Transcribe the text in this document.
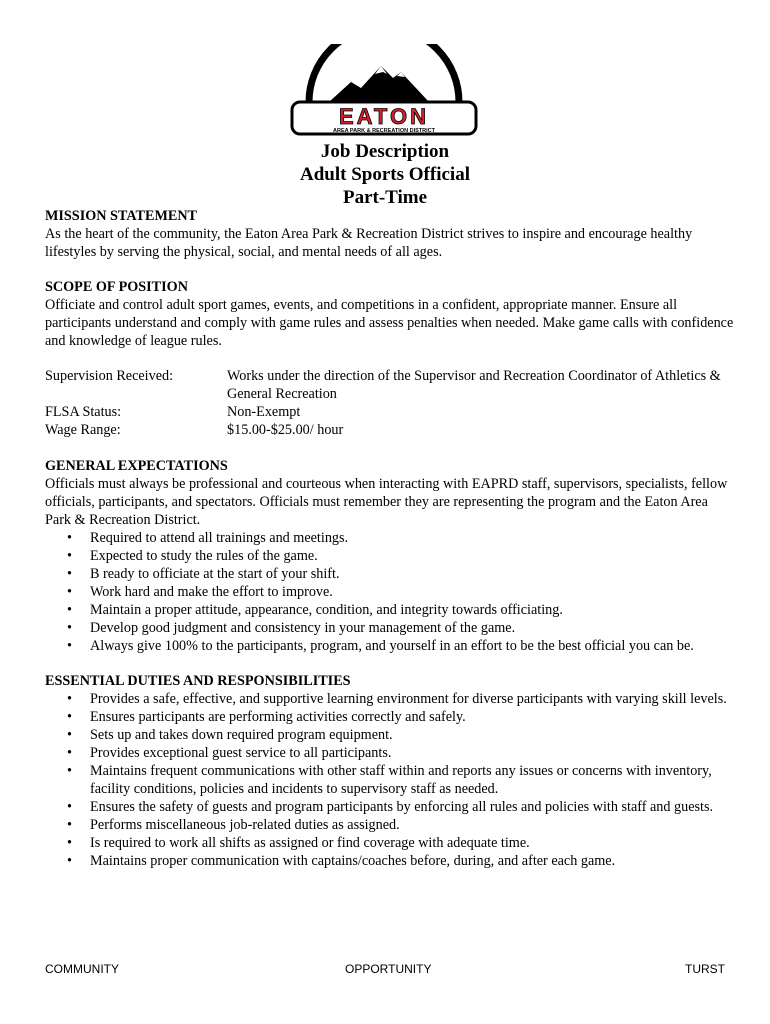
EATON
AREA PARK & RECREATION DISTRICT
Job Description
Adult Sports Official
Part-Time
MISSION STATEMENT

As the heart of the community, the Eaton Area Park & Recreation District strives to inspire and encourage healthy lifestyles by serving the physical, social, and mental needs of all ages.

SCOPE OF POSITION

Officiate and control adult sport games, events, and competitions in a confident, appropriate manner. Ensure all participants understand and comply with game rules and assess penalties when needed. Make game calls with confidence and knowledge of league rules.

Supervision Received:	Works under the direction of the Supervisor and Recreation Coordinator of Athletics & General Recreation
FLSA Status:	Non-Exempt
Wage Range:	$15.00-$25.00/ hour
GENERAL EXPECTATIONS

Officials must always be professional and courteous when interacting with EAPRD staff, supervisors, specialists, fellow officials, participants, and spectators. Officials must remember they are representing the program and the Eaton Area Park & Recreation District.

• Required to attend all trainings and meetings.
• Expected to study the rules of the game.
• B ready to officiate at the start of your shift.
• Work hard and make the effort to improve.
• Maintain a proper attitude, appearance, condition, and integrity towards officiating.
• Develop good judgment and consistency in your management of the game.
• Always give 100% to the participants, program, and yourself in an effort to be the best official you can be.
ESSENTIAL DUTIES AND RESPONSIBILITIES
• Provides a safe, effective, and supportive learning environment for diverse participants with varying skill levels.
• Ensures participants are performing activities correctly and safely.
• Sets up and takes down required program equipment.
• Provides exceptional guest service to all participants.
• Maintains frequent communications with other staff within and reports any issues or concerns with inventory, facility conditions, policies and incidents to supervisory staff as needed.
• Ensures the safety of guests and program participants by enforcing all rules and policies with staff and guests.
• Performs miscellaneous job-related duties as assigned.
• Is required to work all shifts as assigned or find coverage with adequate time.
• Maintains proper communication with captains/coaches before, during, and after each game.
COMMUNITY	OPPORTUNITY	TURST
